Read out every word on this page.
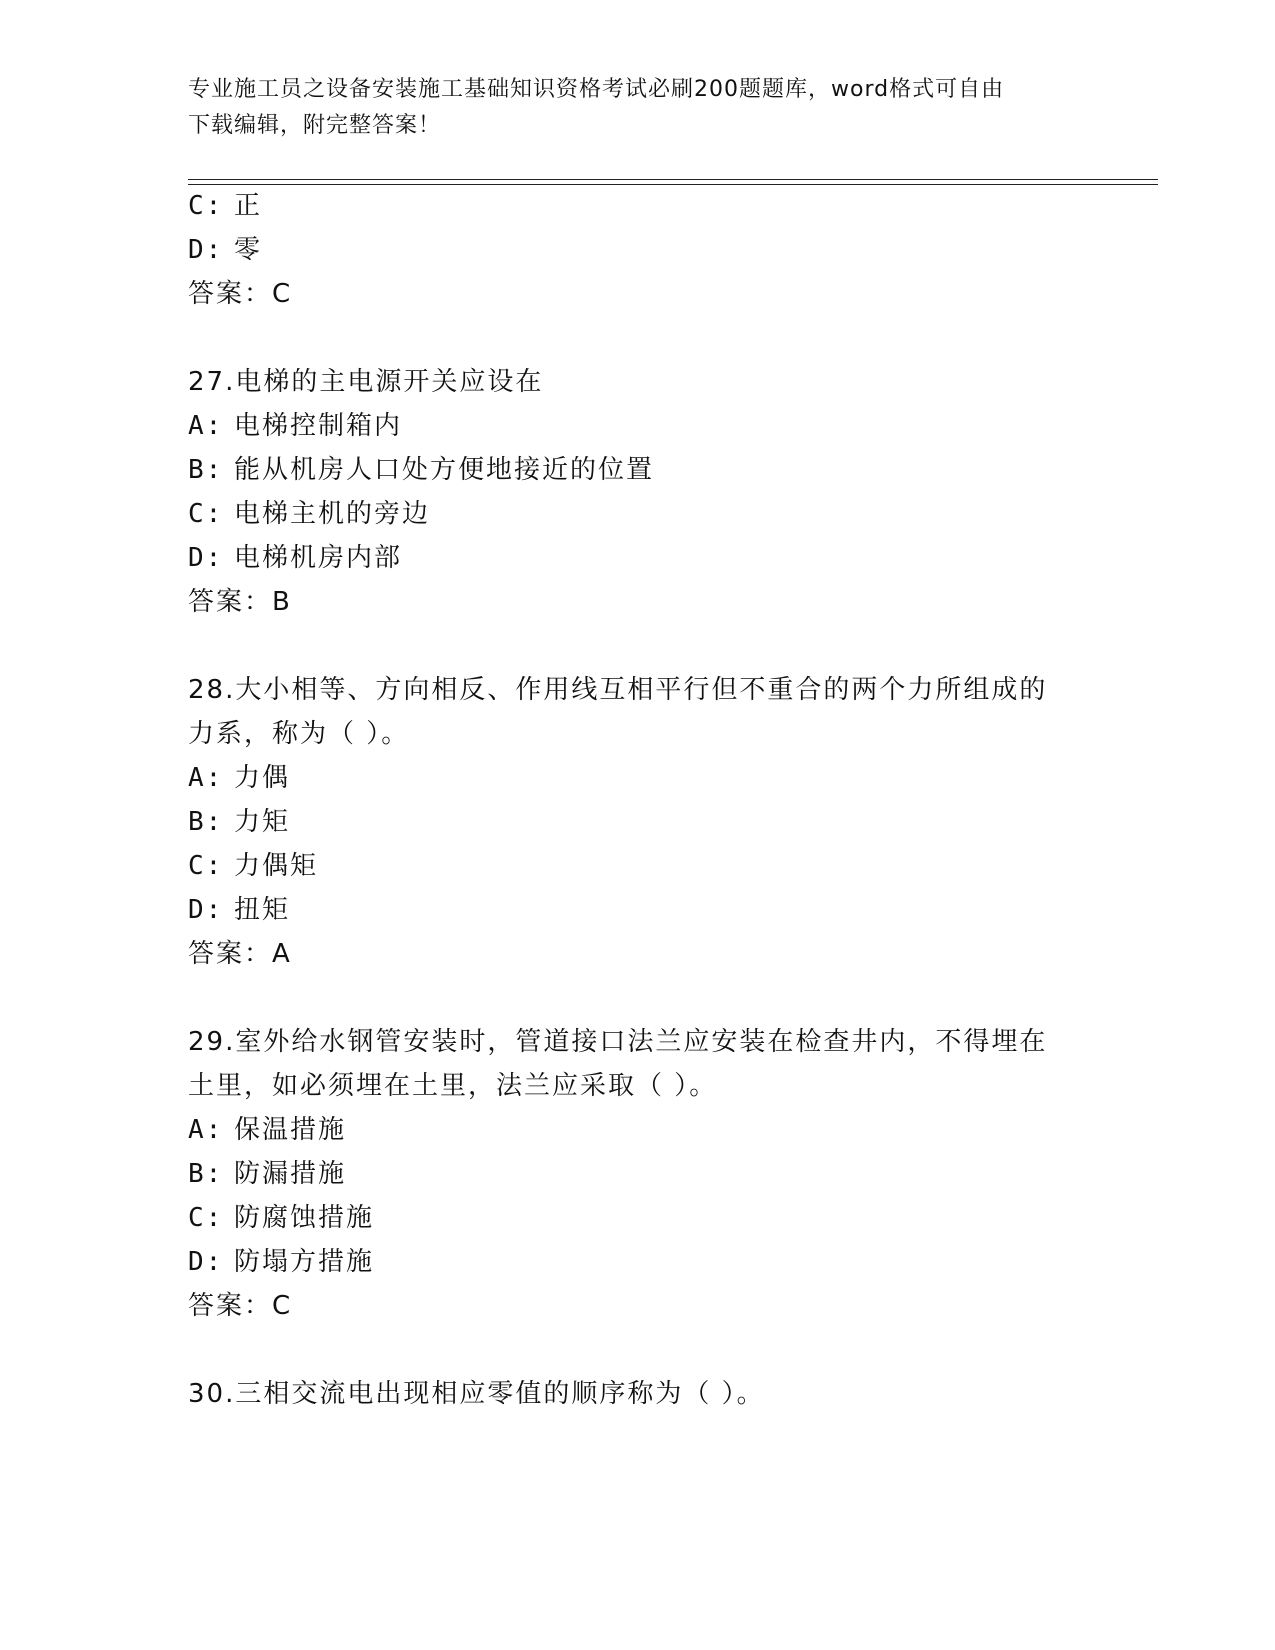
专业施工员之设备安装施工基础知识资格考试必刷200题题库，word格式可自由
下载编辑，附完整答案！
C: 正
D: 零
答案：C
27.电梯的主电源开关应设在
A: 电梯控制箱内
B: 能从机房人口处方便地接近的位置
C: 电梯主机的旁边
D: 电梯机房内部
答案：B
28.大小相等、方向相反、作用线互相平行但不重合的两个力所组成的
力系，称为（ ）。
A: 力偶
B: 力矩
C: 力偶矩
D: 扭矩
答案：A
29.室外给水钢管安装时，管道接口法兰应安装在检查井内，不得埋在
土里，如必须埋在土里，法兰应采取（ ）。
A: 保温措施
B: 防漏措施
C: 防腐蚀措施
D: 防塌方措施
答案：C
30.三相交流电出现相应零值的顺序称为（ ）。
